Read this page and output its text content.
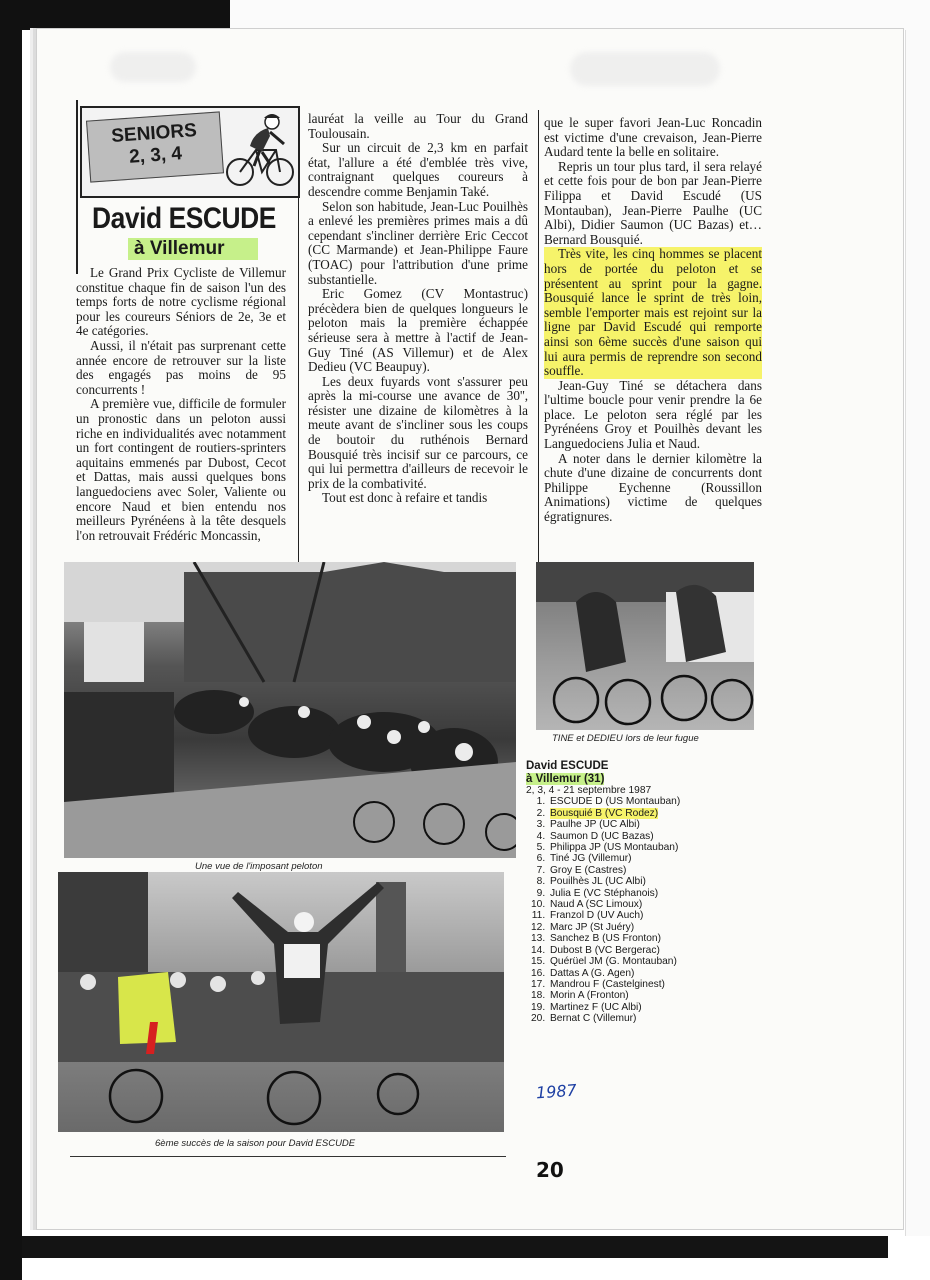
SENIORS
2, 3, 4
David ESCUDE
à Villemur

Le Grand Prix Cycliste de Villemur constitue chaque fin de saison l'un des temps forts de notre cyclisme régional pour les coureurs Séniors de 2e, 3e et 4e catégories.

Aussi, il n'était pas surprenant cette année encore de retrouver sur la liste des engagés pas moins de 95 concurrents !

A première vue, difficile de formuler un pronostic dans un peloton aussi riche en individualités avec notamment un fort contingent de routiers-sprinters aquitains emmenés par Dubost, Cecot et Dattas, mais aussi quelques bons languedociens avec Soler, Valiente ou encore Naud et bien entendu nos meilleurs Pyrénéens à la tête desquels l'on retrouvait Frédéric Moncassin,

lauréat la veille au Tour du Grand Toulousain.

Sur un circuit de 2,3 km en parfait état, l'allure a été d'emblée très vive, contraignant quelques coureurs à descendre comme Benjamin Také.

Selon son habitude, Jean-Luc Pouilhès a enlevé les premières primes mais a dû cependant s'incliner derrière Eric Ceccot (CC Marmande) et Jean-Philippe Faure (TOAC) pour l'attribution d'une prime substantielle.

Eric Gomez (CV Montastruc) précèdera bien de quelques longueurs le peloton mais la première échappée sérieuse sera à mettre à l'actif de Jean-Guy Tiné (AS Villemur) et de Alex Dedieu (VC Beaupuy).

Les deux fuyards vont s'assurer peu après la mi-course une avance de 30'', résister une dizaine de kilomètres à la meute avant de s'incliner sous les coups de boutoir du ruthénois Bernard Bousquié très incisif sur ce parcours, ce qui lui permettra d'ailleurs de recevoir le prix de la combativité.

Tout est donc à refaire et tandis

que le super favori Jean-Luc Roncadin est victime d'une crevaison, Jean-Pierre Audard tente la belle en solitaire.

Repris un tour plus tard, il sera relayé et cette fois pour de bon par Jean-Pierre Filippa et David Escudé (US Montauban), Jean-Pierre Paulhe (UC Albi), Didier Saumon (UC Bazas) et… Bernard Bousquié.

Très vite, les cinq hommes se placent hors de portée du peloton et se présentent au sprint pour la gagne. Bousquié lance le sprint de très loin, semble l'emporter mais est rejoint sur la ligne par David Escudé qui remporte ainsi son 6ème succès d'une saison qui lui aura permis de reprendre son second souffle.

Jean-Guy Tiné se détachera dans l'ultime boucle pour venir prendre la 6e place. Le peloton sera réglé par les Pyrénéens Groy et Pouilhès devant les Languedociens Julia et Naud.

A noter dans le dernier kilomètre la chute d'une dizaine de concurrents dont Philippe Eychenne (Roussillon Animations) victime de quelques égratignures.

Une vue de l'imposant peloton
TINE et DEDIEU lors de leur fugue
6ème succès de la saison pour David ESCUDE
David ESCUDE
à Villemur (31)
2, 3, 4 - 21 septembre 1987
1. ESCUDE D (US Montauban)
2. Bousquié B (VC Rodez)
3. Paulhe JP (UC Albi)
4. Saumon D (UC Bazas)
5. Philippa JP (US Montauban)
6. Tiné JG (Villemur)
7. Groy E (Castres)
8. Pouilhès JL (UC Albi)
9. Julia E (VC Stéphanois)
10. Naud A (SC Limoux)
11. Franzol D (UV Auch)
12. Marc JP (St Juéry)
13. Sanchez B (US Fronton)
14. Dubost B (VC Bergerac)
15. Quérüel JM (G. Montauban)
16. Dattas A (G. Agen)
17. Mandrou F (Castelginest)
18. Morin A (Fronton)
19. Martinez F (UC Albi)
20. Bernat C (Villemur)
1987
20
